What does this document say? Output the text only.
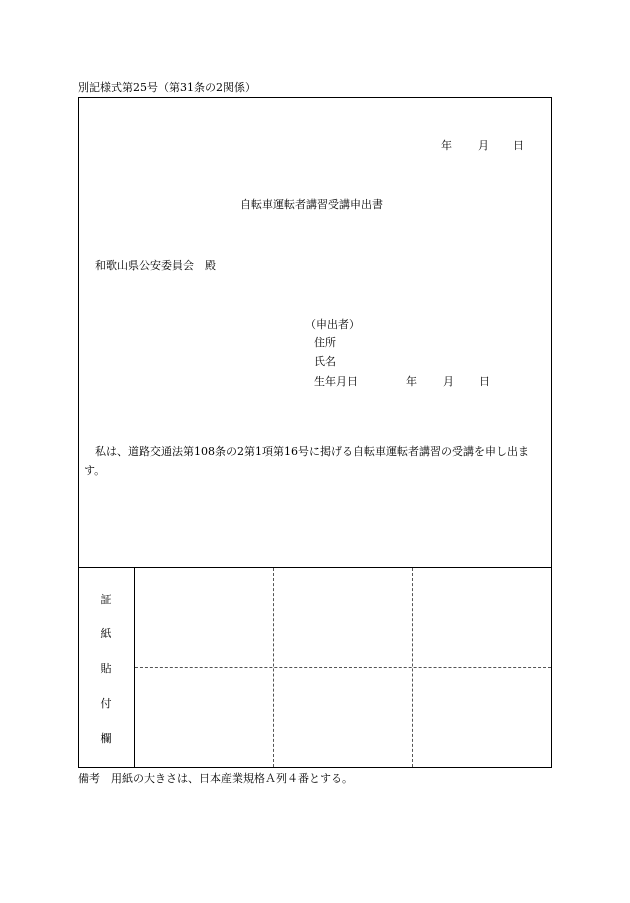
別記様式第25号（第31条の2関係）
年 月 日
自転車運転者講習受講申出書
和歌山県公安委員会　殿
（申出者）
住所
氏名
生年月日	年 月 日
私は、道路交通法第108条の2第1項第16号に掲げる自転車運転者講習の受講を申し出ま
す。
証
紙
貼
付
欄
備考　用紙の大きさは、日本産業規格Ａ列４番とする。
